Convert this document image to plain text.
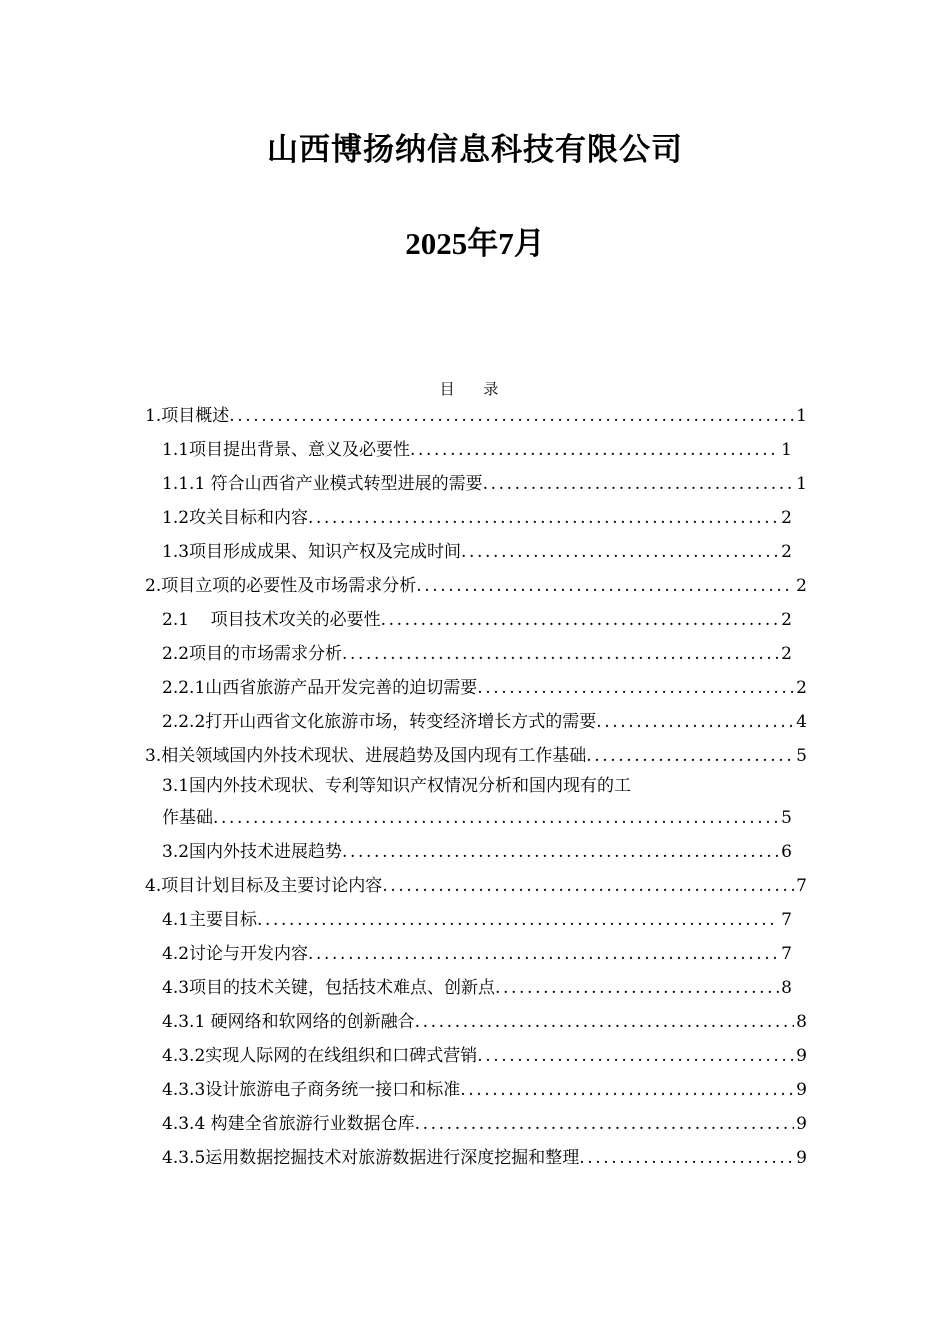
山西博扬纳信息科技有限公司
2025年7月
目 录
1.项目概述 .....	1
1.1项目提出背景、意义及必要性 .....	1
1.1.1 符合山西省产业模式转型进展的需要 .....	1
1.2攻关目标和内容 .....	2
1.3项目形成成果、知识产权及完成时间 .....	2
2.项目立项的必要性及市场需求分析 .....	2
2.1    项目技术攻关的必要性 .....	2
2.2项目的市场需求分析 .....	2
2.2.1山西省旅游产品开发完善的迫切需要 .....	2
2.2.2打开山西省文化旅游市场，转变经济增长方式的需要 .....	4
3.相关领域国内外技术现状、进展趋势及国内现有工作基础 .....	5
3.1国内外技术现状、专利等知识产权情况分析和国内现有的工
作基础 .....	5
3.2国内外技术进展趋势 .....	6
4.项目计划目标及主要讨论内容 .....	7
4.1主要目标 .....	7
4.2讨论与开发内容 .....	7
4.3项目的技术关键，包括技术难点、创新点 .....	8
4.3.1 硬网络和软网络的创新融合 .....	8
4.3.2实现人际网的在线组织和口碑式营销 .....	9
4.3.3设计旅游电子商务统一接口和标准 .....	9
4.3.4 构建全省旅游行业数据仓库 .....	9
4.3.5运用数据挖掘技术对旅游数据进行深度挖掘和整理 .....	9
